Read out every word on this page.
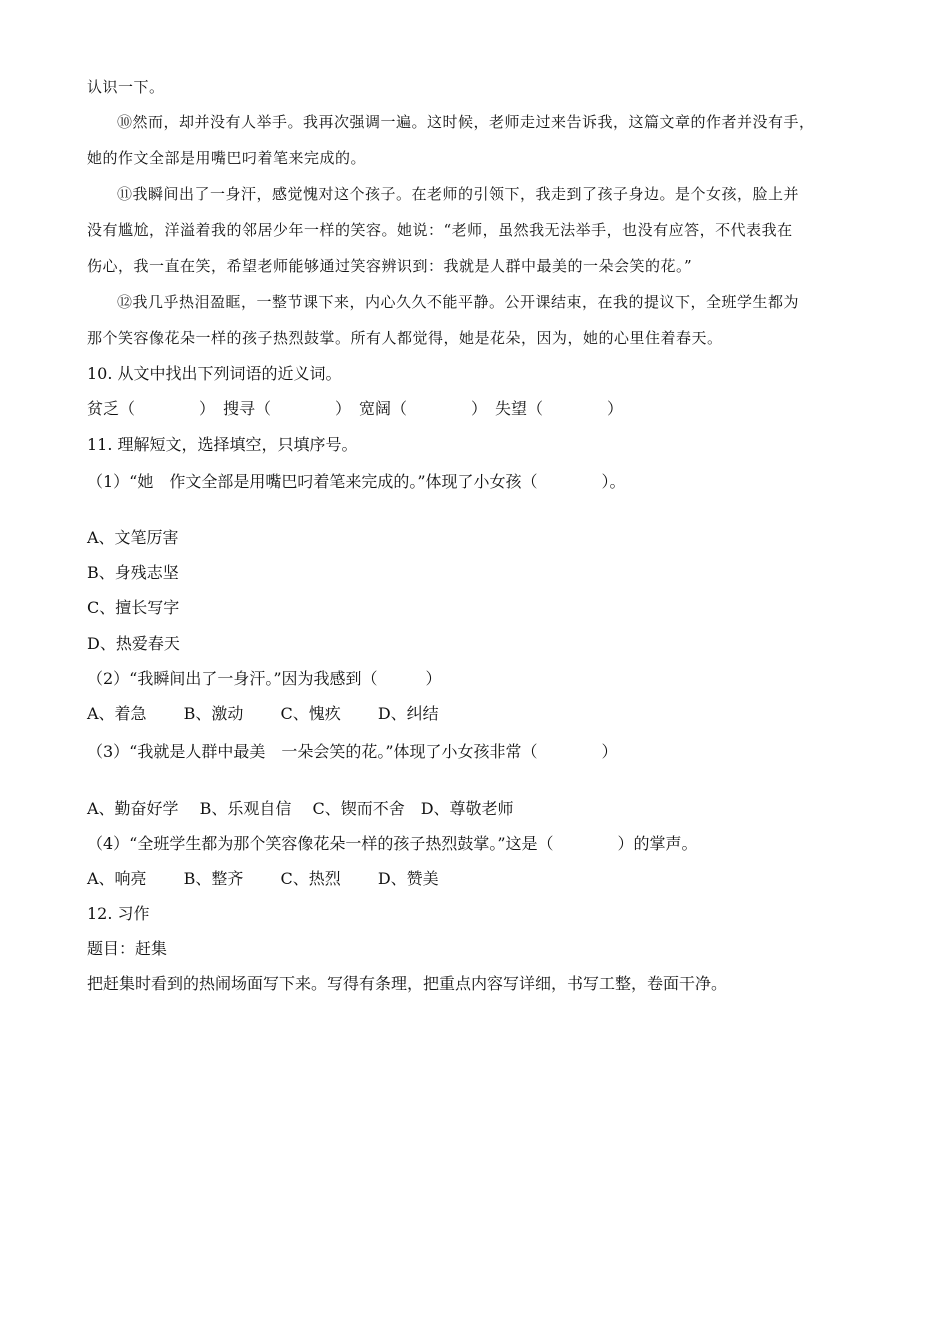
认识一下。
⑩然而，却并没有人举手。我再次强调一遍。这时候，老师走过来告诉我，这篇文章的作者并没有手，
她的作文全部是用嘴巴叼着笔来完成的。
⑪我瞬间出了一身汗，感觉愧对这个孩子。在老师的引领下，我走到了孩子身边。是个女孩，脸上并
没有尴尬，洋溢着我的邻居少年一样的笑容。她说：“老师，虽然我无法举手，也没有应答，不代表我在
伤心，我一直在笑，希望老师能够通过笑容辨识到：我就是人群中最美的一朵会笑的花。”
⑫我几乎热泪盈眶，一整节课下来，内心久久不能平静。公开课结束，在我的提议下，全班学生都为
那个笑容像花朵一样的孩子热烈鼓掌。所有人都觉得，她是花朵，因为，她的心里住着春天。
10. 从文中找出下列词语的近义词。
贫乏（　　　　）　搜寻（　　　　）　宽阔（　　　　）　失望（　　　　）
11. 理解短文，选择填空，只填序号。
（1）“她　作文全部是用嘴巴叼着笔来完成的。”体现了小女孩（　　　　）。
A、文笔厉害
B、身残志坚
C、擅长写字
D、热爱春天
（2）“我瞬间出了一身汗。”因为我感到（　　　）
A、着急　　 B、激动　　 C、愧疚　　 D、纠结
（3）“我就是人群中最美　一朵会笑的花。”体现了小女孩非常（　　　　）
A、勤奋好学　 B、乐观自信　 C、锲而不舍　D、尊敬老师
（4）“全班学生都为那个笑容像花朵一样的孩子热烈鼓掌。”这是（　　　　）的掌声。
A、响亮　　 B、整齐　　 C、热烈　　 D、赞美
12. 习作
题目：赶集
把赶集时看到的热闹场面写下来。写得有条理，把重点内容写详细，书写工整，卷面干净。
